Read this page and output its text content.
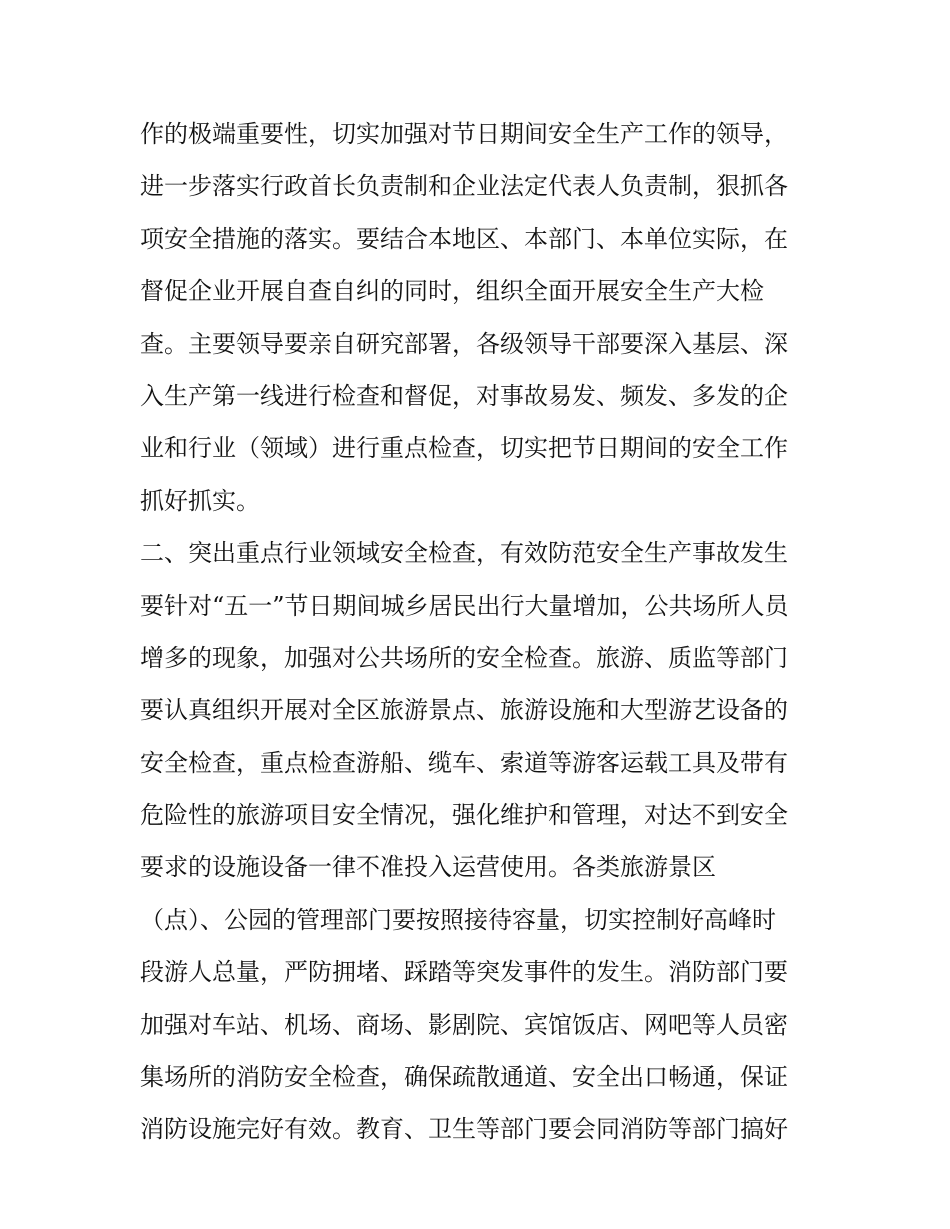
作的极端重要性，切实加强对节日期间安全生产工作的领导，
进一步落实行政首长负责制和企业法定代表人负责制，狠抓各
项安全措施的落实。要结合本地区、本部门、本单位实际，在
督促企业开展自查自纠的同时，组织全面开展安全生产大检
查。主要领导要亲自研究部署，各级领导干部要深入基层、深
入生产第一线进行检查和督促，对事故易发、频发、多发的企
业和行业（领域）进行重点检查，切实把节日期间的安全工作
抓好抓实。
二、突出重点行业领域安全检查，有效防范安全生产事故发生
要针对“五一”节日期间城乡居民出行大量增加，公共场所人员
增多的现象，加强对公共场所的安全检查。旅游、质监等部门
要认真组织开展对全区旅游景点、旅游设施和大型游艺设备的
安全检查，重点检查游船、缆车、索道等游客运载工具及带有
危险性的旅游项目安全情况，强化维护和管理，对达不到安全
要求的设施设备一律不准投入运营使用。各类旅游景区
（点）、公园的管理部门要按照接待容量，切实控制好高峰时
段游人总量，严防拥堵、踩踏等突发事件的发生。消防部门要
加强对车站、机场、商场、影剧院、宾馆饭店、网吧等人员密
集场所的消防安全检查，确保疏散通道、安全出口畅通，保证
消防设施完好有效。教育、卫生等部门要会同消防等部门搞好
